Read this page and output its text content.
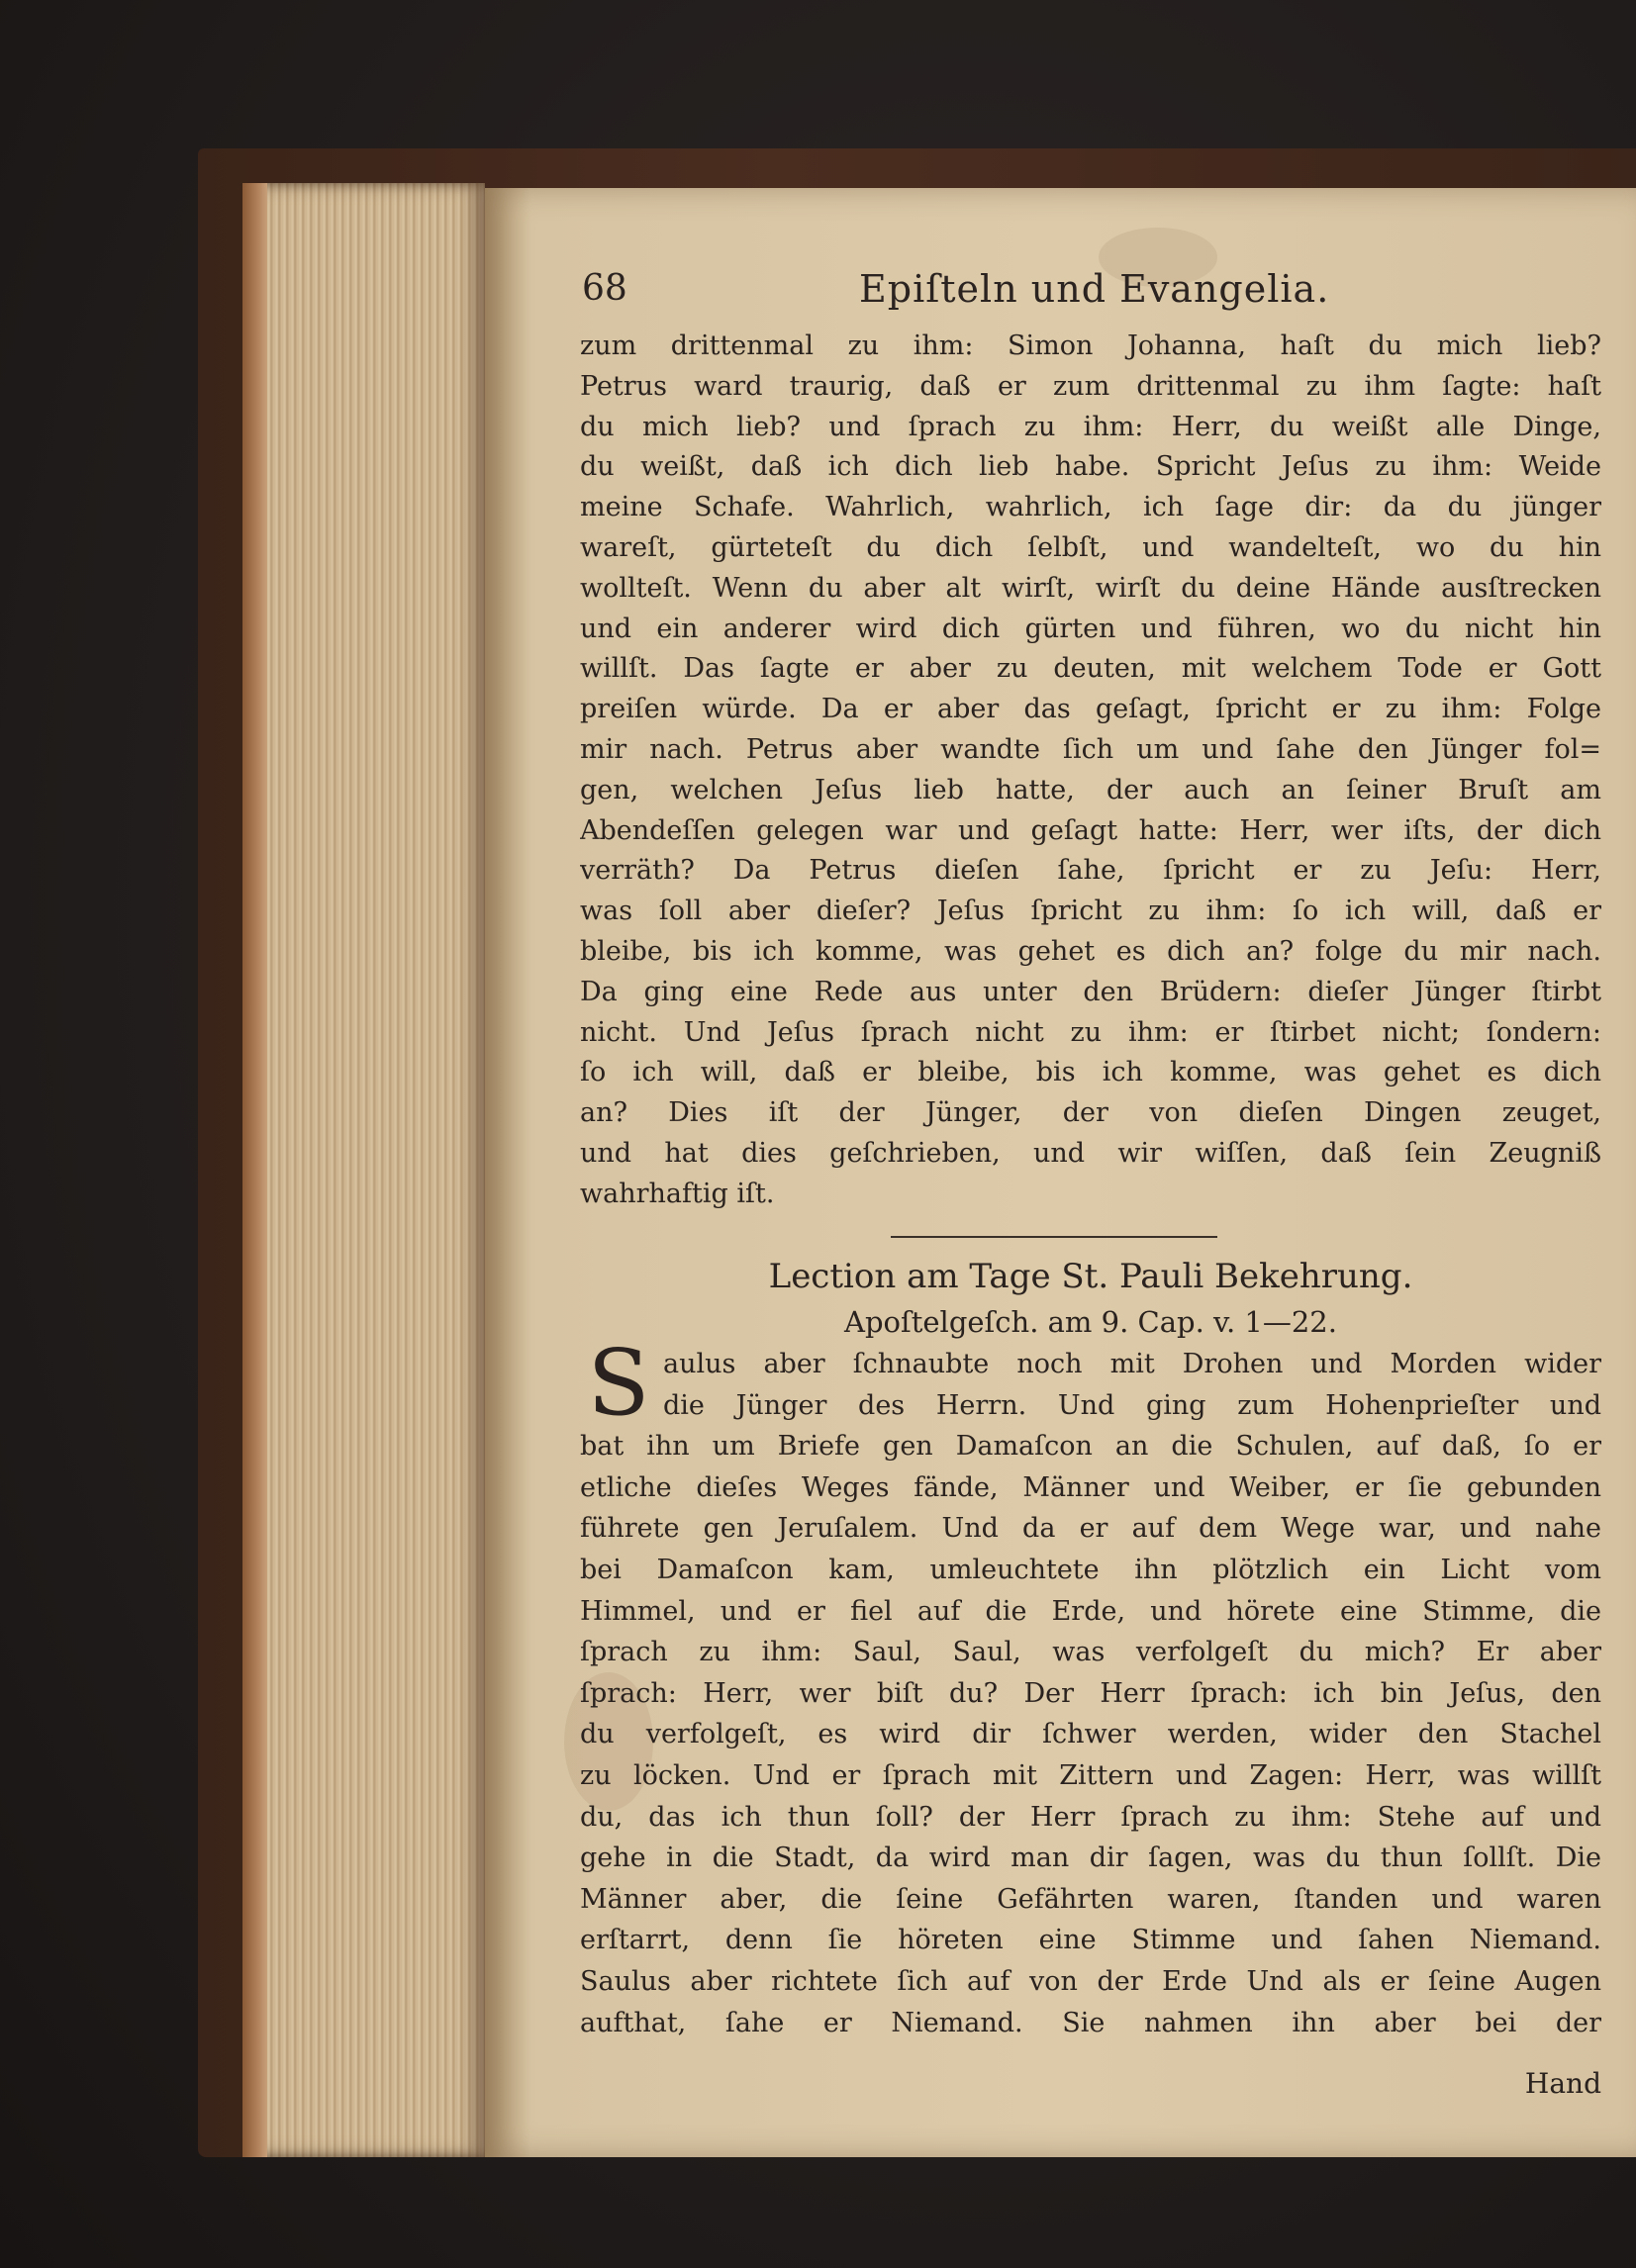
68	Epiſteln und Evangelia.
zum drittenmal zu ihm: Simon Johanna, haſt du mich lieb?
Petrus ward traurig, daß er zum drittenmal zu ihm ſagte: haſt
du mich lieb? und ſprach zu ihm: Herr, du weißt alle Dinge,
du weißt, daß ich dich lieb habe. Spricht Jeſus zu ihm: Weide
meine Schafe. Wahrlich, wahrlich, ich ſage dir: da du jünger
wareſt, gürteteſt du dich ſelbſt, und wandelteſt, wo du hin
wollteſt. Wenn du aber alt wirſt, wirſt du deine Hände ausſtrecken
und ein anderer wird dich gürten und führen, wo du nicht hin
willſt. Das ſagte er aber zu deuten, mit welchem Tode er Gott
preiſen würde. Da er aber das geſagt, ſpricht er zu ihm: Folge
mir nach. Petrus aber wandte ſich um und ſahe den Jünger fol=
gen, welchen Jeſus lieb hatte, der auch an ſeiner Bruſt am
Abendeſſen gelegen war und geſagt hatte: Herr, wer iſts, der dich
verräth? Da Petrus dieſen ſahe, ſpricht er zu Jeſu: Herr,
was ſoll aber dieſer? Jeſus ſpricht zu ihm: ſo ich will, daß er
bleibe, bis ich komme, was gehet es dich an? folge du mir nach.
Da ging eine Rede aus unter den Brüdern: dieſer Jünger ſtirbt
nicht. Und Jeſus ſprach nicht zu ihm: er ſtirbet nicht; ſondern:
ſo ich will, daß er bleibe, bis ich komme, was gehet es dich
an? Dies iſt der Jünger, der von dieſen Dingen zeuget,
und hat dies geſchrieben, und wir wiſſen, daß ſein Zeugniß
wahrhaftig iſt.
Lection am Tage St. Pauli Bekehrung.
Apoſtelgeſch. am 9. Cap. v. 1—22.
S aulus aber ſchnaubte noch mit Drohen und Morden wider
die Jünger des Herrn. Und ging zum Hohenprieſter und
bat ihn um Briefe gen Damaſcon an die Schulen, auf daß, ſo er
etliche dieſes Weges fände, Männer und Weiber, er ſie gebunden
führete gen Jeruſalem. Und da er auf dem Wege war, und nahe
bei Damaſcon kam, umleuchtete ihn plötzlich ein Licht vom
Himmel, und er fiel auf die Erde, und hörete eine Stimme, die
ſprach zu ihm: Saul, Saul, was verfolgeſt du mich? Er aber
ſprach: Herr, wer biſt du? Der Herr ſprach: ich bin Jeſus, den
du verfolgeſt, es wird dir ſchwer werden, wider den Stachel
zu löcken. Und er ſprach mit Zittern und Zagen: Herr, was willſt
du, das ich thun ſoll? der Herr ſprach zu ihm: Stehe auf und
gehe in die Stadt, da wird man dir ſagen, was du thun ſollſt. Die
Männer aber, die ſeine Gefährten waren, ſtanden und waren
erſtarrt, denn ſie höreten eine Stimme und ſahen Niemand.
Saulus aber richtete ſich auf von der Erde Und als er ſeine Augen
aufthat, ſahe er Niemand. Sie nahmen ihn aber bei der
Hand
